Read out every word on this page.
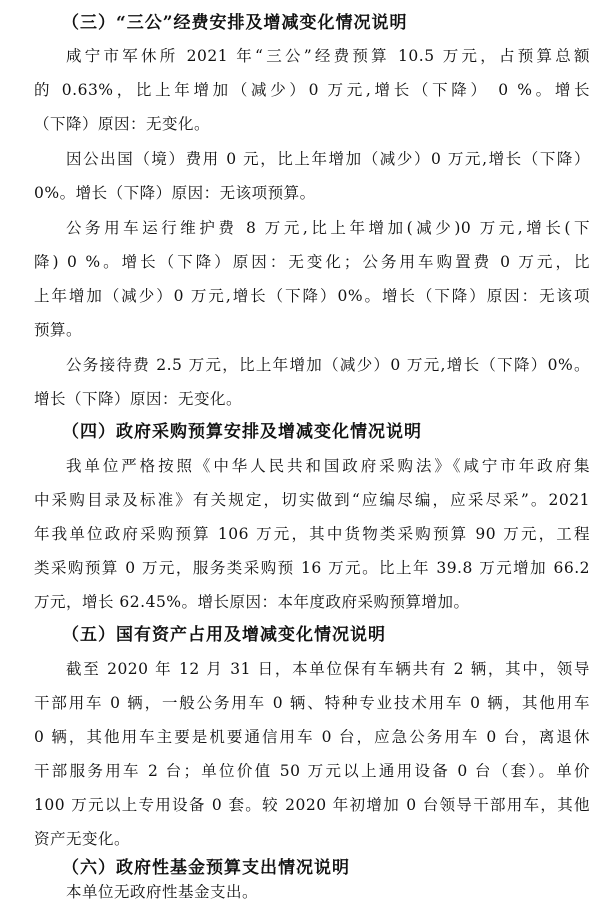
（三）“三公”经费安排及增减变化情况说明
咸宁市军休所 2021 年“三公”经费预算 10.5 万元，占预算总额
的 0.63%，比上年增加（减少）0 万元,增长（下降） 0 %。增长
（下降）原因：无变化。
因公出国（境）费用 0 元，比上年增加（减少）0 万元,增长（下降）
0%。增长（下降）原因：无该项预算。
公务用车运行维护费 8 万元,比上年增加(减少)0 万元,增长(下
降) 0 %。增长（下降）原因：无变化；公务用车购置费 0 万元，比
上年增加（减少）0 万元,增长（下降）0%。增长（下降）原因：无该项
预算。
公务接待费 2.5 万元，比上年增加（减少）0 万元,增长（下降）0%。
增长（下降）原因：无变化。
（四）政府采购预算安排及增减变化情况说明
我单位严格按照《中华人民共和国政府采购法》《咸宁市年政府集
中采购目录及标准》有关规定，切实做到“应编尽编，应采尽采”。2021
年我单位政府采购预算 106 万元，其中货物类采购预算 90 万元，工程
类采购预算 0 万元，服务类采购预 16 万元。比上年 39.8 万元增加 66.2
万元，增长 62.45%。增长原因：本年度政府采购预算增加。
（五）国有资产占用及增减变化情况说明
截至 2020 年 12 月 31 日，本单位保有车辆共有 2 辆，其中，领导
干部用车 0 辆，一般公务用车 0 辆、特种专业技术用车 0 辆，其他用车
0 辆，其他用车主要是机要通信用车 0 台，应急公务用车 0 台，离退休
干部服务用车 2 台；单位价值 50 万元以上通用设备 0 台（套）。单价
100 万元以上专用设备 0 套。较 2020 年初增加 0 台领导干部用车，其他
资产无变化。
（六）政府性基金预算支出情况说明
本单位无政府性基金支出。
